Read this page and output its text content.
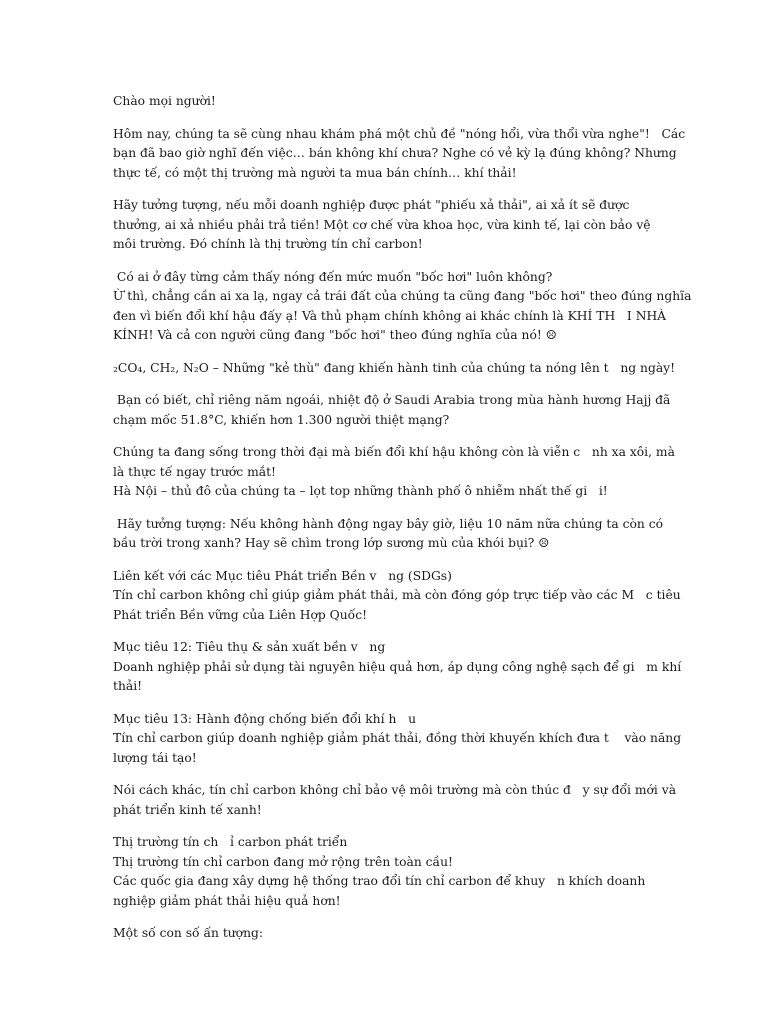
Chào mọi người!
Hôm nay, chúng ta sẽ cùng nhau khám phá một chủ đề "nóng hổi, vừa thổi vừa nghe"!   Các
bạn đã bao giờ nghĩ đến việc… bán không khí chưa? Nghe có vẻ kỳ lạ đúng không? Nhưng
thực tế, có một thị trường mà người ta mua bán chính… khí thải!
Hãy tưởng tượng, nếu mỗi doanh nghiệp được phát "phiếu xả thải", ai xả ít sẽ được
thưởng, ai xả nhiều phải trả tiền! Một cơ chế vừa khoa học, vừa kinh tế, lại còn bảo vệ
môi trường. Đó chính là thị trường tín chỉ carbon!
Có ai ở đây từng cảm thấy nóng đến mức muốn "bốc hơi" luôn không?
Ừ thì, chẳng cần ai xa lạ, ngay cả trái đất của chúng ta cũng đang "bốc hơi" theo đúng nghĩa
đen vì biến đổi khí hậu đấy ạ! Và thủ phạm chính không ai khác chính là KHÍ TH   I NHÀ
KÍNH! Và cả con người cũng đang "bốc hơi" theo đúng nghĩa của nó! ☹
₂CO₄, CH₂, N₂O – Những "kẻ thù" đang khiến hành tinh của chúng ta nóng lên t   ng ngày!
Bạn có biết, chỉ riêng năm ngoái, nhiệt độ ở Saudi Arabia trong mùa hành hương Hajj đã
chạm mốc 51.8°C, khiến hơn 1.300 người thiệt mạng?
Chúng ta đang sống trong thời đại mà biến đổi khí hậu không còn là viễn c   nh xa xôi, mà
là thực tế ngay trước mắt!
Hà Nội – thủ đô của chúng ta – lọt top những thành phố ô nhiễm nhất thế gi   i!
Hãy tưởng tượng: Nếu không hành động ngay bây giờ, liệu 10 năm nữa chúng ta còn có
bầu trời trong xanh? Hay sẽ chìm trong lớp sương mù của khói bụi? ☹
Liên kết với các Mục tiêu Phát triển Bền v   ng (SDGs)
Tín chỉ carbon không chỉ giúp giảm phát thải, mà còn đóng góp trực tiếp vào các M   c tiêu
Phát triển Bền vững của Liên Hợp Quốc!
Mục tiêu 12: Tiêu thụ & sản xuất bền v   ng
Doanh nghiệp phải sử dụng tài nguyên hiệu quả hơn, áp dụng công nghệ sạch để gi   m khí
thải!
Mục tiêu 13: Hành động chống biến đổi khí h   u
Tín chỉ carbon giúp doanh nghiệp giảm phát thải, đồng thời khuyến khích đưa t    vào năng
lượng tái tạo!
Nói cách khác, tín chỉ carbon không chỉ bảo vệ môi trường mà còn thúc đ   y sự đổi mới và
phát triển kinh tế xanh!
Thị trường tín ch   ỉ carbon phát triển
Thị trường tín chỉ carbon đang mở rộng trên toàn cầu!
Các quốc gia đang xây dựng hệ thống trao đổi tín chỉ carbon để khuy   n khích doanh
nghiệp giảm phát thải hiệu quả hơn!
Một số con số ấn tượng:
